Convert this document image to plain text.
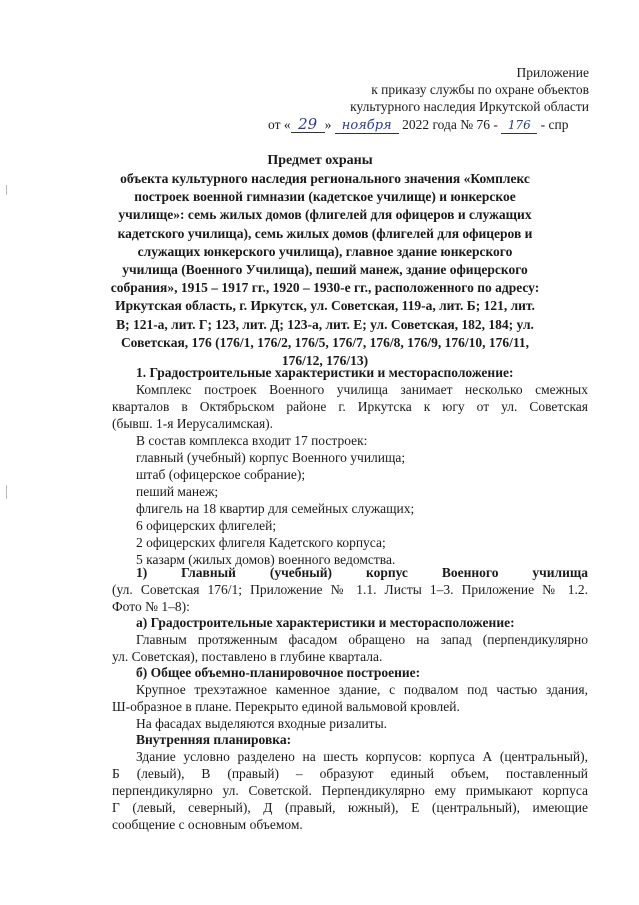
Приложение
к приказу службы по охране объектов
культурного наследия Иркутской области
от « 29 » ноября 2022 года № 76 - 176 - спр
Предмет охраны
объекта культурного наследия регионального значения «Комплекс построек военной гимназии (кадетское училище) и юнкерское училище»: семь жилых домов (флигелей для офицеров и служащих кадетского училища), семь жилых домов (флигелей для офицеров и служащих юнкерского училища), главное здание юнкерского училища (Военного Училища), пеший манеж, здание офицерского собрания», 1915 – 1917 гг., 1920 – 1930-е гг., расположенного по адресу: Иркутская область, г. Иркутск, ул. Советская, 119-а, лит. Б; 121, лит. В; 121-а, лит. Г; 123, лит. Д; 123-а, лит. Е; ул. Советская, 182, 184; ул. Советская, 176 (176/1, 176/2, 176/5, 176/7, 176/8, 176/9, 176/10, 176/11, 176/12, 176/13)
1. Градостроительные характеристики и месторасположение:
Комплекс построек Военного училища занимает несколько смежных
кварталов в Октябрьском районе г. Иркутска к югу от ул. Советская
(бывш. 1-я Иерусалимская).
В состав комплекса входит 17 построек:
главный (учебный) корпус Военного училища;
штаб (офицерское собрание);
пеший манеж;
флигель на 18 квартир для семейных служащих;
6 офицерских флигелей;
2 офицерских флигеля Кадетского корпуса;
5 казарм (жилых домов) военного ведомства.
1) Главный (учебный) корпус Военного училища
(ул. Советская 176/1; Приложение № 1.1. Листы 1–3. Приложение № 1.2.
Фото № 1–8):
а) Градостроительные характеристики и месторасположение:
Главным протяженным фасадом обращено на запад (перпендикулярно
ул. Советская), поставлено в глубине квартала.
б) Общее объемно-планировочное построение:
Крупное трехэтажное каменное здание, с подвалом под частью здания,
Ш-образное в плане. Перекрыто единой вальмовой кровлей.
На фасадах выделяются входные ризалиты.
Внутренняя планировка:
Здание условно разделено на шесть корпусов: корпуса А (центральный),
Б (левый), В (правый) – образуют единый объем, поставленный
перпендикулярно ул. Советской. Перпендикулярно ему примыкают корпуса
Г (левый, северный), Д (правый, южный), Е (центральный), имеющие
сообщение с основным объемом.
